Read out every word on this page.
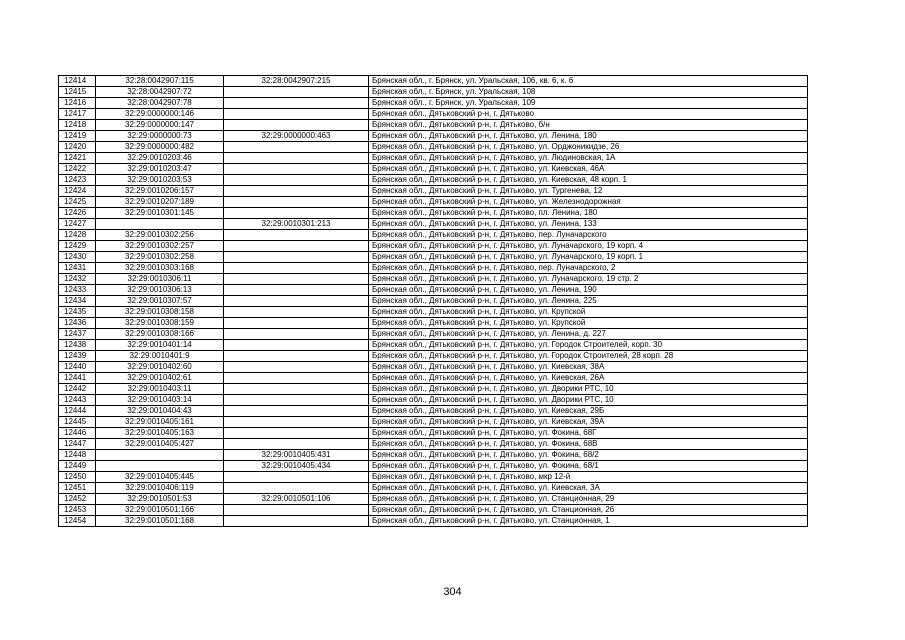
12414	32:28:0042907:115	32:28:0042907:215	Брянская обл., г. Брянск, ул. Уральская, 106, кв. 6, к. 6
12415	32:28:0042907:72		Брянская обл., г. Брянск, ул. Уральская, 108
12416	32:28:0042907:78		Брянская обл., г. Брянск, ул. Уральская, 109
12417	32:29:0000000:146		Брянская обл., Дятьковский р-н, г. Дятьково
12418	32:29:0000000:147		Брянская обл., Дятьковский р-н, г. Дятьково, б/н
12419	32:29:0000000:73	32:29:0000000:463	Брянская обл., Дятьковский р-н, г. Дятьково, ул. Ленина, 180
12420	32:29:0000000:482		Брянская обл., Дятьковский р-н, г. Дятьково, ул. Орджоникидзе, 26
12421	32:29:0010203:46		Брянская обл., Дятьковский р-н, г. Дятьково, ул. Людиновская, 1А
12422	32:29:0010203:47		Брянская обл., Дятьковский р-н, г. Дятьково, ул. Киевская, 46А
12423	32:29:0010203:53		Брянская обл., Дятьковский р-н, г. Дятьково, ул. Киевская, 48 корп. 1
12424	32:29:0010206:157		Брянская обл., Дятьковский р-н, г. Дятьково, ул. Тургенева, 12
12425	32:29:0010207:189		Брянская обл., Дятьковский р-н, г. Дятьково, ул. Железнодорожная
12426	32:29:0010301:145		Брянская обл., Дятьковский р-н, г. Дятьково, пл. Ленина, 180
12427		32:29:0010301:213	Брянская обл., Дятьковский р-н, г. Дятьково, ул. Ленина, 133
12428	32:29:0010302:256		Брянская обл., Дятьковский р-н, г. Дятьково, пер. Луначарского
12429	32:29:0010302:257		Брянская обл., Дятьковский р-н, г. Дятьково, ул. Луначарского, 19 корп. 4
12430	32:29:0010302:258		Брянская обл., Дятьковский р-н, г. Дятьково, ул. Луначарского, 19 корп. 1
12431	32:29:0010303:168		Брянская обл., Дятьковский р-н, г. Дятьково, пер. Луначарского, 2
12432	32:29:0010306:11		Брянская обл., Дятьковский р-н, г. Дятьково, ул. Луначарского, 19 стр. 2
12433	32:29:0010306:13		Брянская обл., Дятьковский р-н, г. Дятьково, ул. Ленина, 190
12434	32:29:0010307:57		Брянская обл., Дятьковский р-н, г. Дятьково, ул. Ленина, 225
12435	32:29:0010308:158		Брянская обл., Дятьковский р-н, г. Дятьково, ул. Крупской
12436	32:29:0010308:159		Брянская обл., Дятьковский р-н, г. Дятьково, ул. Крупской
12437	32:29:0010308:166		Брянская обл., Дятьковский р-н, г. Дятьково, ул. Ленина, д. 227
12438	32:29:0010401:14		Брянская обл., Дятьковский р-н, г. Дятьково, ул. Городок Строителей, корп. 30
12439	32:29:0010401:9		Брянская обл., Дятьковский р-н, г. Дятьково, ул. Городок Строителей, 28 корп. 28
12440	32:29:0010402:60		Брянская обл., Дятьковский р-н, г. Дятьково, ул. Киевская, 38А
12441	32:29:0010402:61		Брянская обл., Дятьковский р-н, г. Дятьково, ул. Киевская, 26А
12442	32:29:0010403:11		Брянская обл., Дятьковский р-н, г. Дятьково, ул. Дворики РТС, 10
12443	32:29:0010403:14		Брянская обл., Дятьковский р-н, г. Дятьково, ул. Дворики РТС, 10
12444	32:29:0010404:43		Брянская обл., Дятьковский р-н, г. Дятьково, ул. Киевская, 29Б
12445	32:29:0010405:161		Брянская обл., Дятьковский р-н, г. Дятьково, ул. Киевская, 39А
12446	32:29:0010405:163		Брянская обл., Дятьковский р-н, г. Дятьково, ул. Фокина, 68Г
12447	32:29:0010405:427		Брянская обл., Дятьковский р-н, г. Дятьково, ул. Фокина, 68В
12448		32:29:0010405:431	Брянская обл., Дятьковский р-н, г. Дятьково, ул. Фокина, 68/2
12449		32:29:0010405:434	Брянская обл., Дятьковский р-н, г. Дятьково, ул. Фокина, 68/1
12450	32:29:0010405:445		Брянская обл., Дятьковский р-н, г. Дятьково, мкр 12-й
12451	32:29:0010406:119		Брянская обл., Дятьковский р-н, г. Дятьково, ул. Киевская, 3А
12452	32:29:0010501:53	32:29:0010501:106	Брянская обл., Дятьковский р-н, г. Дятьково, ул. Станционная, 29
12453	32:29:0010501:166		Брянская обл., Дятьковский р-н, г. Дятьково, ул. Станционная, 26
12454	32:29:0010501:168		Брянская обл., Дятьковский р-н, г. Дятьково, ул. Станционная, 1
304
